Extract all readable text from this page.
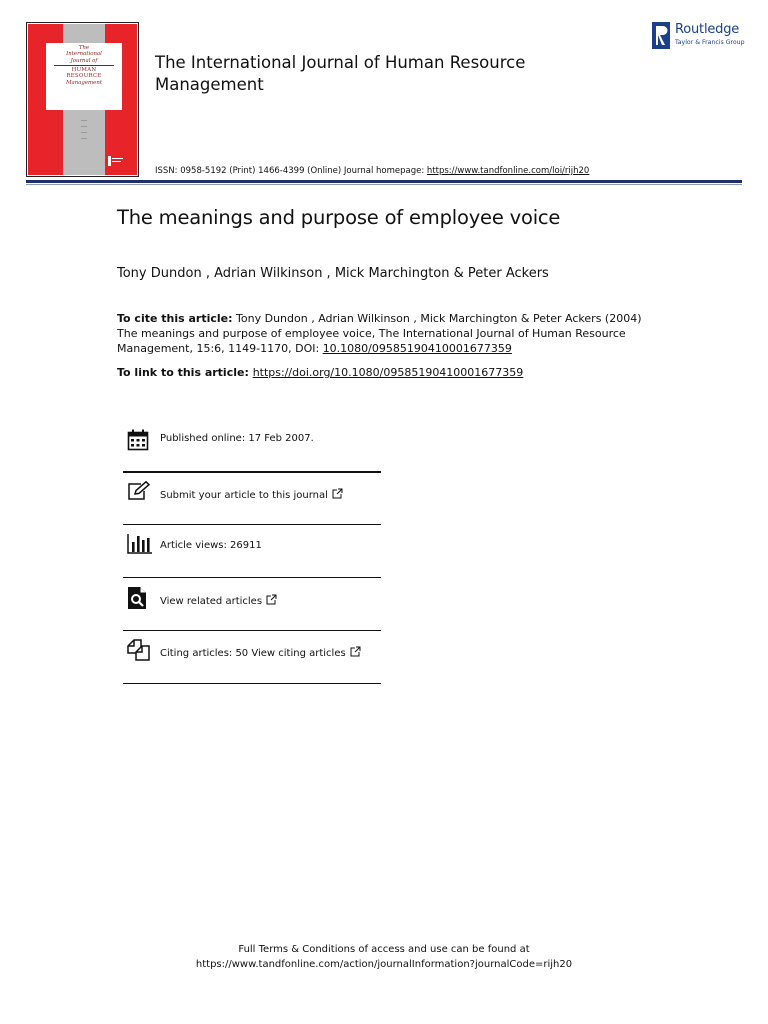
The
International
Journal of
HUMAN
RESOURCE
Management
The International Journal of Human Resource Management
Routledge
Taylor & Francis Group
ISSN: 0958-5192 (Print) 1466-4399 (Online) Journal homepage: https://www.tandfonline.com/loi/rijh20
The meanings and purpose of employee voice
Tony Dundon , Adrian Wilkinson , Mick Marchington & Peter Ackers
To cite this article: Tony Dundon , Adrian Wilkinson , Mick Marchington & Peter Ackers (2004) The meanings and purpose of employee voice, The International Journal of Human Resource Management, 15:6, 1149-1170, DOI: 10.1080/09585190410001677359
To link to this article: https://doi.org/10.1080/09585190410001677359
Published online: 17 Feb 2007.
Submit your article to this journal
Article views: 26911
View related articles
Citing articles: 50 View citing articles
Full Terms & Conditions of access and use can be found at
https://www.tandfonline.com/action/journalInformation?journalCode=rijh20
